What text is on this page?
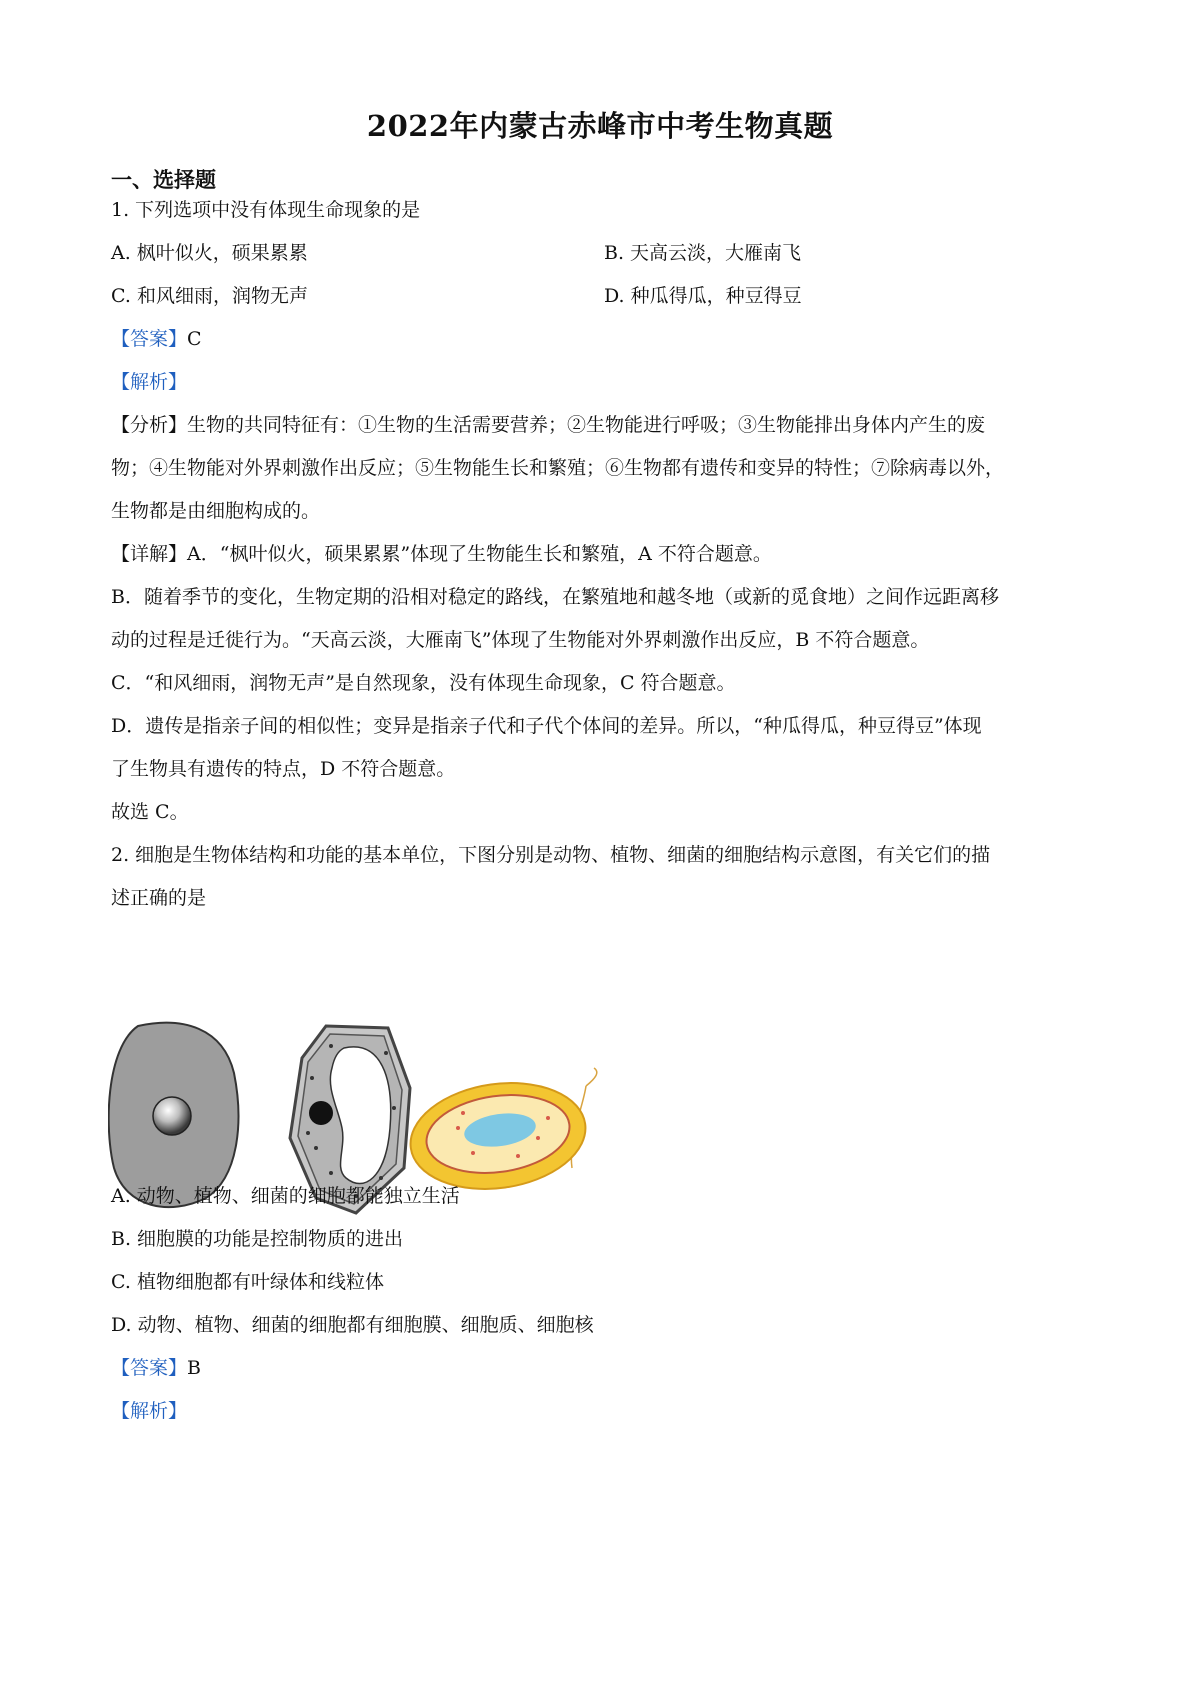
2022年内蒙古赤峰市中考生物真题
一、选择题
1. 下列选项中没有体现生命现象的是
A. 枫叶似火，硕果累累	B. 天高云淡，大雁南飞
C. 和风细雨，润物无声	D. 种瓜得瓜，种豆得豆
【答案】C
【解析】
【分析】生物的共同特征有：①生物的生活需要营养；②生物能进行呼吸；③生物能排出身体内产生的废
物；④生物能对外界刺激作出反应；⑤生物能生长和繁殖；⑥生物都有遗传和变异的特性；⑦除病毒以外，
生物都是由细胞构成的。
【详解】A．“枫叶似火，硕果累累”体现了生物能生长和繁殖，A 不符合题意。
B．随着季节的变化，生物定期的沿相对稳定的路线，在繁殖地和越冬地（或新的觅食地）之间作远距离移
动的过程是迁徙行为。“天高云淡，大雁南飞”体现了生物能对外界刺激作出反应，B 不符合题意。
C．“和风细雨，润物无声”是自然现象，没有体现生命现象，C 符合题意。
D．遗传是指亲子间的相似性；变异是指亲子代和子代个体间的差异。所以，“种瓜得瓜，种豆得豆”体现
了生物具有遗传的特点，D 不符合题意。
故选 C。
2. 细胞是生物体结构和功能的基本单位，下图分别是动物、植物、细菌的细胞结构示意图，有关它们的描
述正确的是
A. 动物、植物、细菌的细胞都能独立生活
B. 细胞膜的功能是控制物质的进出
C. 植物细胞都有叶绿体和线粒体
D. 动物、植物、细菌的细胞都有细胞膜、细胞质、细胞核
【答案】B
【解析】
